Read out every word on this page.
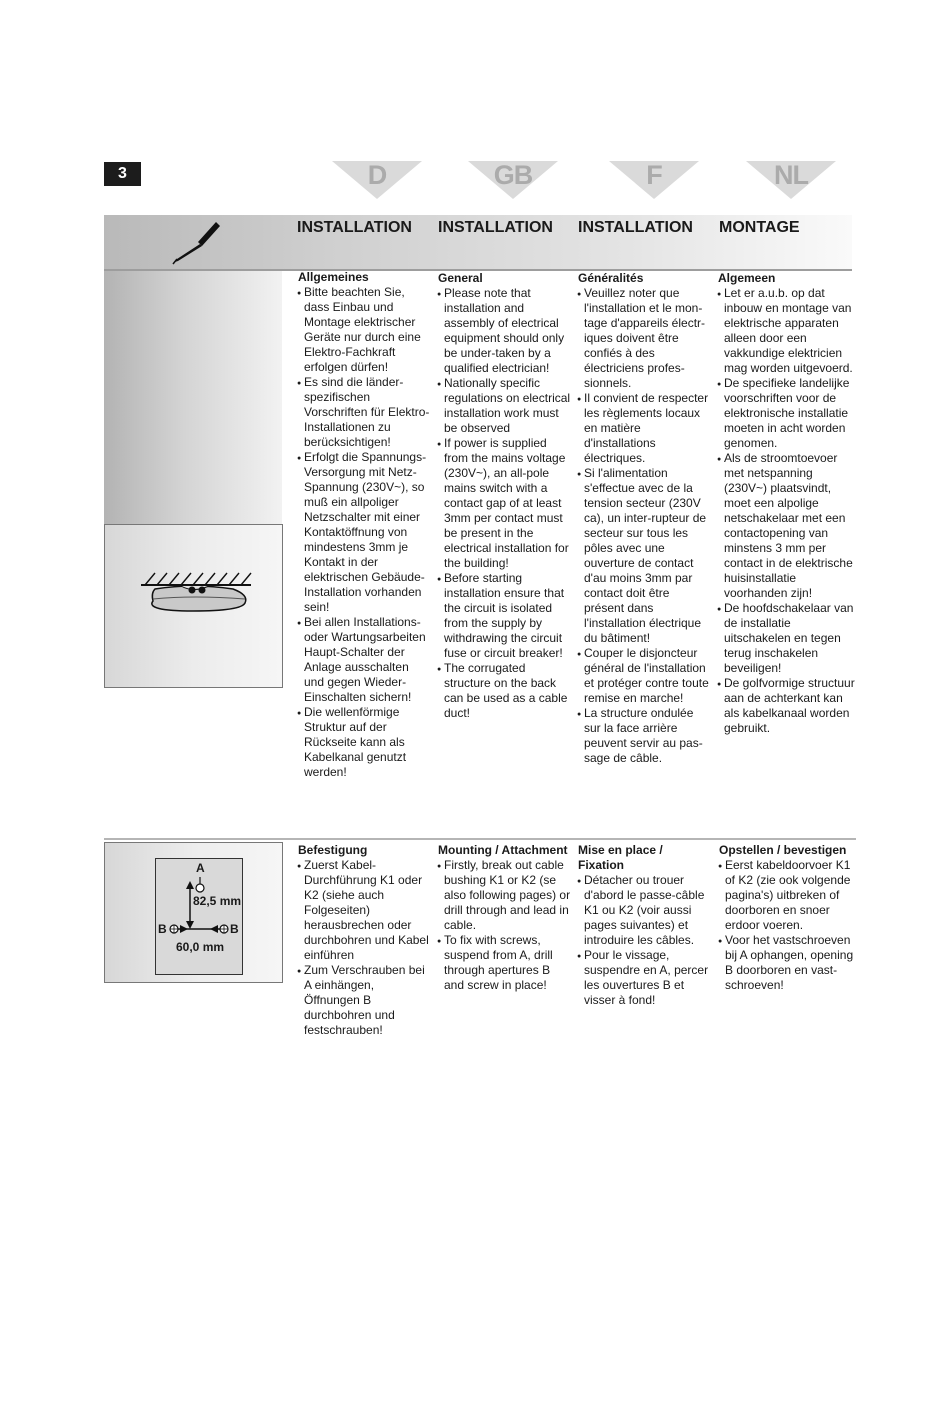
3	D	GB	F	NL
INSTALLATION INSTALLATION INSTALLATION MONTAGE
Allgemeines
● Bitte beachten Sie, dass Einbau und Montage elektrischer Geräte nur durch eine Elektro-Fachkraft erfolgen dürfen!
● Es sind die länder-spezifischen Vorschriften für Elektro-Installationen zu berücksichtigen!
● Erfolgt die Spannungs-Versorgung mit Netz-Spannung (230V~), so muß ein allpoliger Netzschalter mit einer Kontaktöffnung von mindestens 3mm je Kontakt in der elektrischen Gebäude-Installation vorhanden sein!
● Bei allen Installations-oder Wartungsarbeiten Haupt-Schalter der Anlage ausschalten und gegen Wieder-Einschalten sichern!
● Die wellenförmige Struktur auf der Rückseite kann als Kabelkanal genutzt werden!
General
● Please note that installation and assembly of electrical equipment should only be under-taken by a qualified electrician!
● Nationally specific regulations on electrical installation work must be observed
● If power is supplied from the mains voltage (230V~), an all-pole mains switch with a contact gap of at least 3mm per contact must be present in the electrical installation for the building!
● Before starting installation ensure that the circuit is isolated from the supply by withdrawing the circuit fuse or circuit breaker!
● The corrugated structure on the back can be used as a cable duct!
Généralités
● Veuillez noter que l'installation et le mon-tage d'appareils électr-iques doivent être confiés à des électriciens profes-sionnels.
● Il convient de respecter les règlements locaux en matière d'installations électriques.
● Si l'alimentation s'effectue avec de la tension secteur (230V ca), un inter-rupteur de secteur sur tous les pôles avec une ouverture de contact d'au moins 3mm par contact doit être présent dans l'installation électrique du bâtiment!
● Couper le disjoncteur général de l'installation et protéger contre toute remise en marche!
● La structure ondulée sur la face arrière peuvent servir au pas-sage de câble.
Algemeen
● Let er a.u.b. op dat inbouw en montage van elektrische apparaten alleen door een vakkundige elektricien mag worden uitgevoerd.
● De specifieke landelijke voorschriften voor de elektronische installatie moeten in acht worden genomen.
● Als de stroomtoevoer met netspanning (230V~) plaatsvindt, moet een alpolige netschakelaar met een contactopening van minstens 3 mm per contact in de elektrische huisinstallatie voorhanden zijn!
● De hoofdschakelaar van de installatie uitschakelen en tegen terug inschakelen beveiligen!
● De golfvormige structuur aan de achterkant kan als kabelkanaal worden gebruikt.
A
82,5 mm
B	B
60,0 mm
Befestigung
● Zuerst Kabel-Durchführung K1 oder K2 (siehe auch Folgeseiten) herausbrechen oder durchbohren und Kabel einführen
● Zum Verschrauben bei A einhängen, Öffnungen B durchbohren und festschrauben!
Mounting / Attachment
● Firstly, break out cable bushing K1 or K2 (se also following pages) or drill through and lead in cable.
● To fix with screws, suspend from A, drill through apertures B and screw in place!
Mise en place / Fixation
● Détacher ou trouer d'abord le passe-câble K1 ou K2 (voir aussi pages suivantes) et introduire les câbles.
● Pour le vissage, suspendre en A, percer les ouvertures B et visser à fond!
Opstellen / bevestigen
● Eerst kabeldoorvoer K1 of K2 (zie ook volgende pagina's) uitbreken of doorboren en snoer erdoor voeren.
● Voor het vastschroeven bij A ophangen, opening B doorboren en vast-schroeven!
